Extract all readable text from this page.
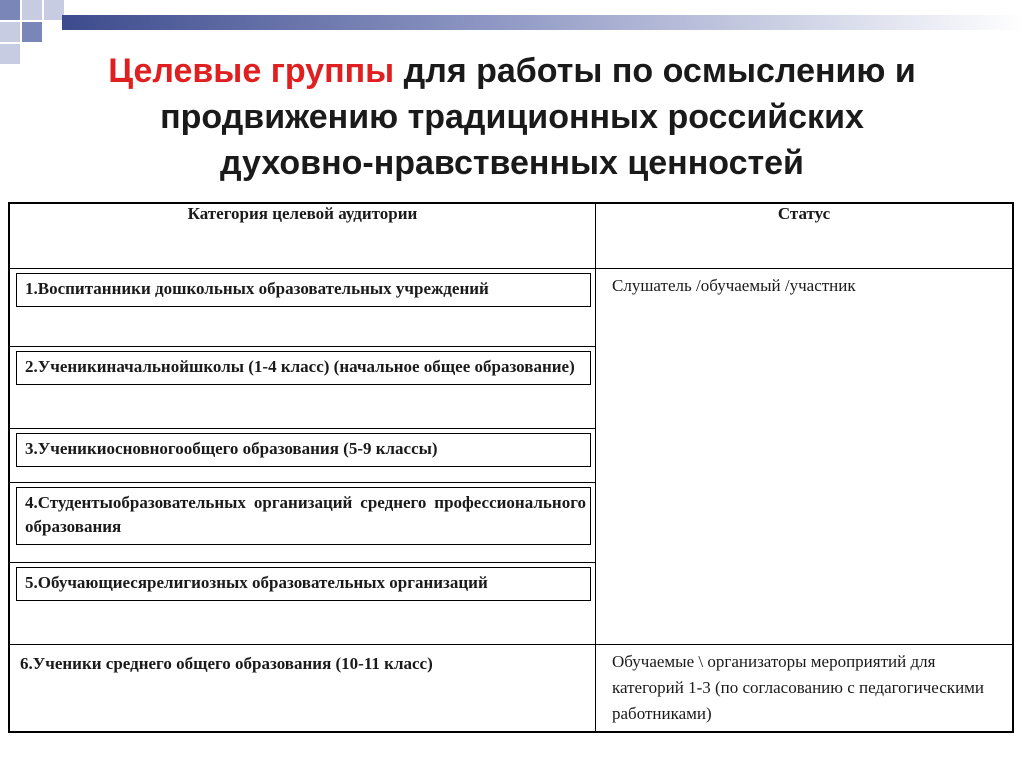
Целевые группы для работы по осмыслению и
продвижению традиционных российских
духовно-нравственных ценностей
Категория целевой аудитории	Статус

1.Воспитанники дошкольных образовательных учреждений	Слушатель /обучаемый /участник

2.Ученикиначальнойшколы (1-4 класс) (начальное общее образование)	

3.Ученикиосновногообщего образования (5-9 классы)	

4.Студентыобразовательных организаций среднего профессионального образования	

5.Обучающиесярелигиозных образовательных организаций	

6.Ученики среднего общего образования (10-11 класс)	Обучаемые \ организаторы мероприятий для категорий 1-3 (по согласованию с педагогическими работниками)
